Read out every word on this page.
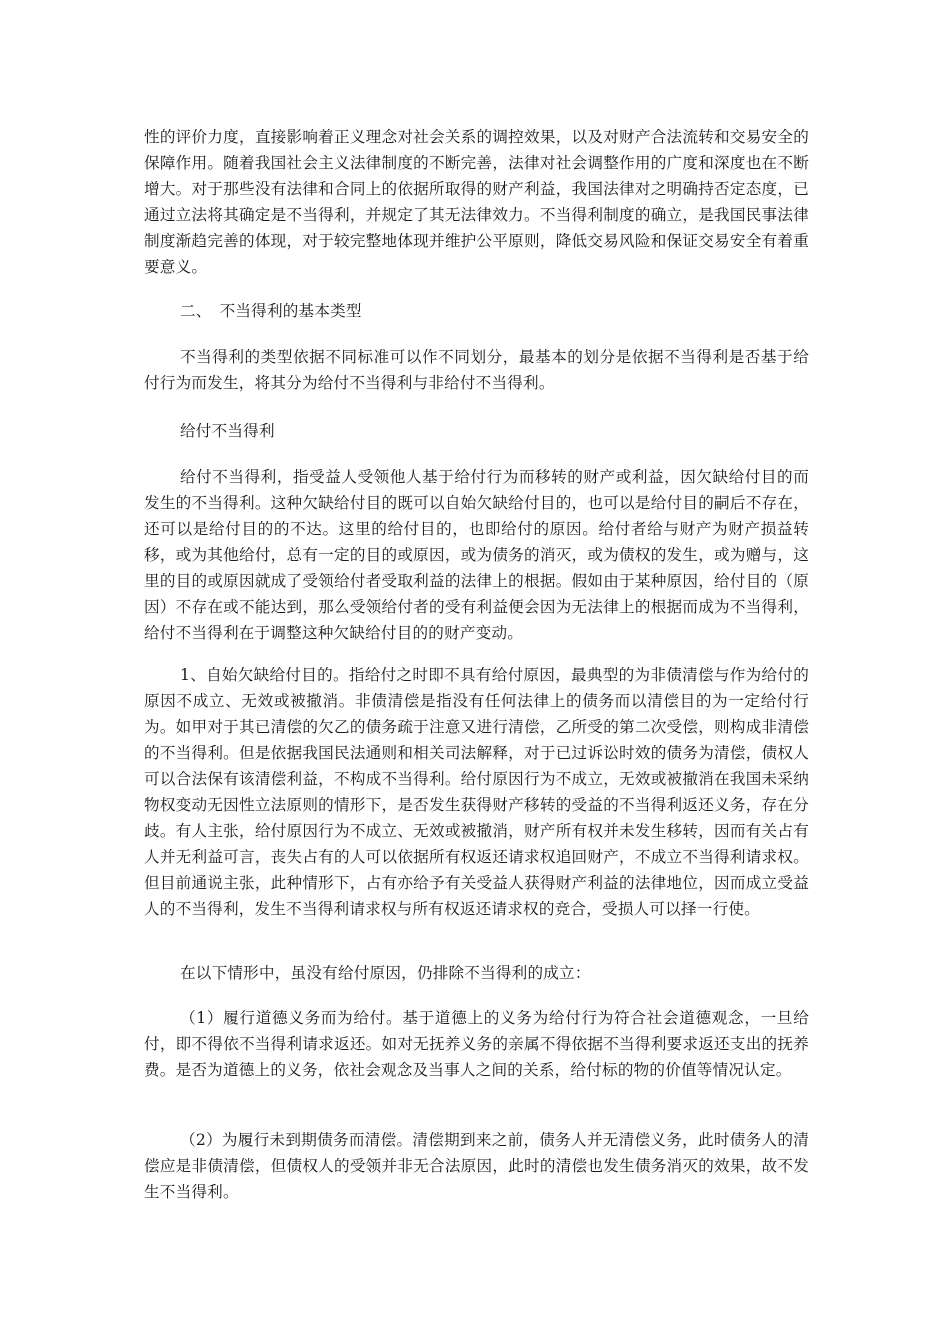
性的评价力度，直接影响着正义理念对社会关系的调控效果，以及对财产合法流转和交易安全的保障作用。随着我国社会主义法律制度的不断完善，法律对社会调整作用的广度和深度也在不断增大。对于那些没有法律和合同上的依据所取得的财产利益，我国法律对之明确持否定态度，已通过立法将其确定是不当得利，并规定了其无法律效力。不当得利制度的确立，是我国民事法律制度渐趋完善的体现，对于较完整地体现并维护公平原则，降低交易风险和保证交易安全有着重要意义。

二、　不当得利的基本类型

不当得利的类型依据不同标准可以作不同划分，最基本的划分是依据不当得利是否基于给付行为而发生，将其分为给付不当得利与非给付不当得利。

给付不当得利

给付不当得利，指受益人受领他人基于给付行为而移转的财产或利益，因欠缺给付目的而发生的不当得利。这种欠缺给付目的既可以自始欠缺给付目的，也可以是给付目的嗣后不存在，还可以是给付目的的不达。这里的给付目的，也即给付的原因。给付者给与财产为财产损益转移，或为其他给付，总有一定的目的或原因，或为债务的消灭，或为债权的发生，或为赠与，这里的目的或原因就成了受领给付者受取利益的法律上的根据。假如由于某种原因，给付目的（原因）不存在或不能达到，那么受领给付者的受有利益便会因为无法律上的根据而成为不当得利，给付不当得利在于调整这种欠缺给付目的的财产变动。

1、自始欠缺给付目的。指给付之时即不具有给付原因，最典型的为非债清偿与作为给付的原因不成立、无效或被撤消。非债清偿是指没有任何法律上的债务而以清偿目的为一定给付行为。如甲对于其已清偿的欠乙的债务疏于注意又进行清偿，乙所受的第二次受偿，则构成非清偿的不当得利。但是依据我国民法通则和相关司法解释，对于已过诉讼时效的债务为清偿，债权人可以合法保有该清偿利益，不构成不当得利。给付原因行为不成立，无效或被撤消在我国未采纳物权变动无因性立法原则的情形下，是否发生获得财产移转的受益的不当得利返还义务，存在分歧。有人主张，给付原因行为不成立、无效或被撤消，财产所有权并未发生移转，因而有关占有人并无利益可言，丧失占有的人可以依据所有权返还请求权追回财产，不成立不当得利请求权。但目前通说主张，此种情形下，占有亦给予有关受益人获得财产利益的法律地位，因而成立受益人的不当得利，发生不当得利请求权与所有权返还请求权的竞合，受损人可以择一行使。

在以下情形中，虽没有给付原因，仍排除不当得利的成立：

（1）履行道德义务而为给付。基于道德上的义务为给付行为符合社会道德观念，一旦给付，即不得依不当得利请求返还。如对无抚养义务的亲属不得依据不当得利要求返还支出的抚养费。是否为道德上的义务，依社会观念及当事人之间的关系，给付标的物的价值等情况认定。

（2）为履行未到期债务而清偿。清偿期到来之前，债务人并无清偿义务，此时债务人的清偿应是非债清偿，但债权人的受领并非无合法原因，此时的清偿也发生债务消灭的效果，故不发生不当得利。
